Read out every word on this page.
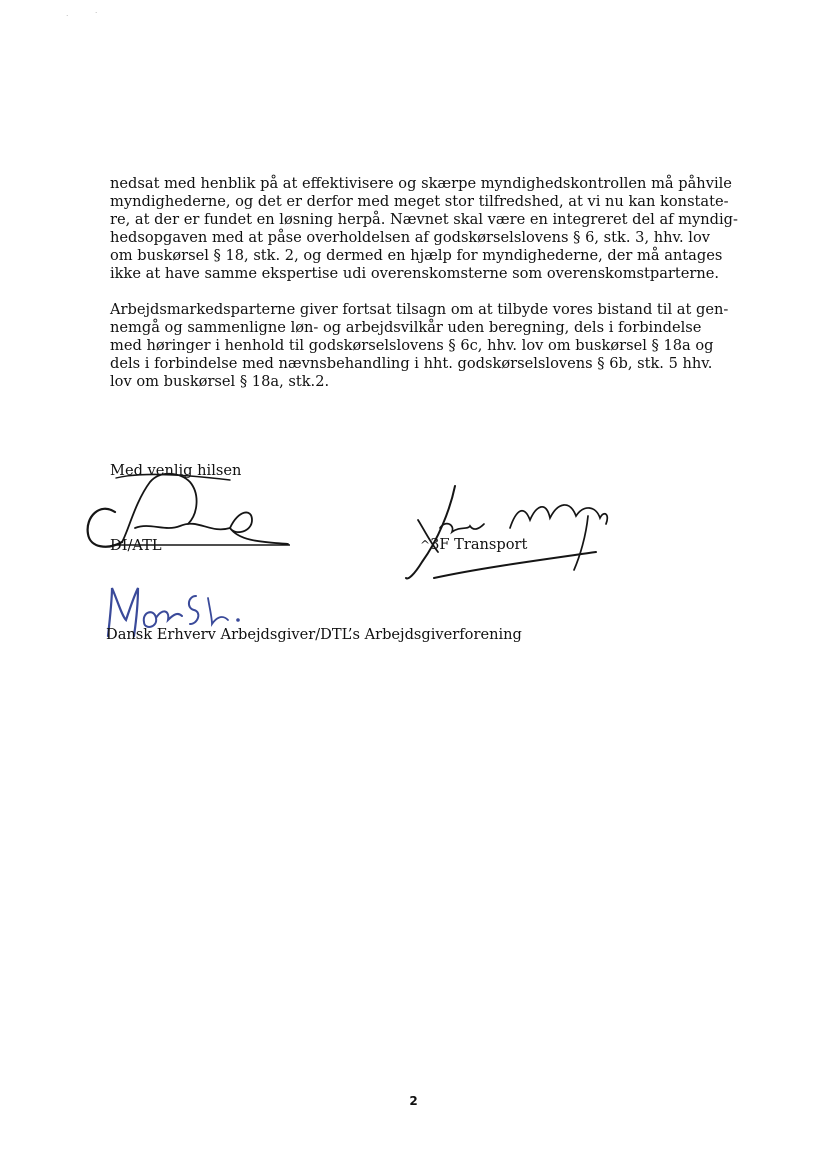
·	ˊ

nedsat med henblik på at effektivisere og skærpe myndighedskontrollen må påhvile
myndighederne, og det er derfor med meget stor tilfredshed, at vi nu kan konstate-
re, at der er fundet en løsning herpå. Nævnet skal være en integreret del af myndig-
hedsopgaven med at påse overholdelsen af godskørselslovens § 6, stk. 3, hhv. lov
om buskørsel § 18, stk. 2, og dermed en hjælp for myndighederne, der må antages
ikke at have samme ekspertise udi overenskomsterne som overenskomstparterne.

Arbejdsmarkedsparterne giver fortsat tilsagn om at tilbyde vores bistand til at gen-
nemgå og sammenligne løn- og arbejdsvilkår uden beregning, dels i forbindelse
med høringer i henhold til godskørselslovens § 6c, hhv. lov om buskørsel § 18a og
dels i forbindelse med nævnsbehandling i hht. godskørselslovens § 6b, stk. 5 hhv.
lov om buskørsel § 18a, stk.2.

Med venlig hilsen
DI/ATL	^3F Transport
Dansk Erhverv Arbejdsgiver/DTL’s Arbejdsgiverforening
2
